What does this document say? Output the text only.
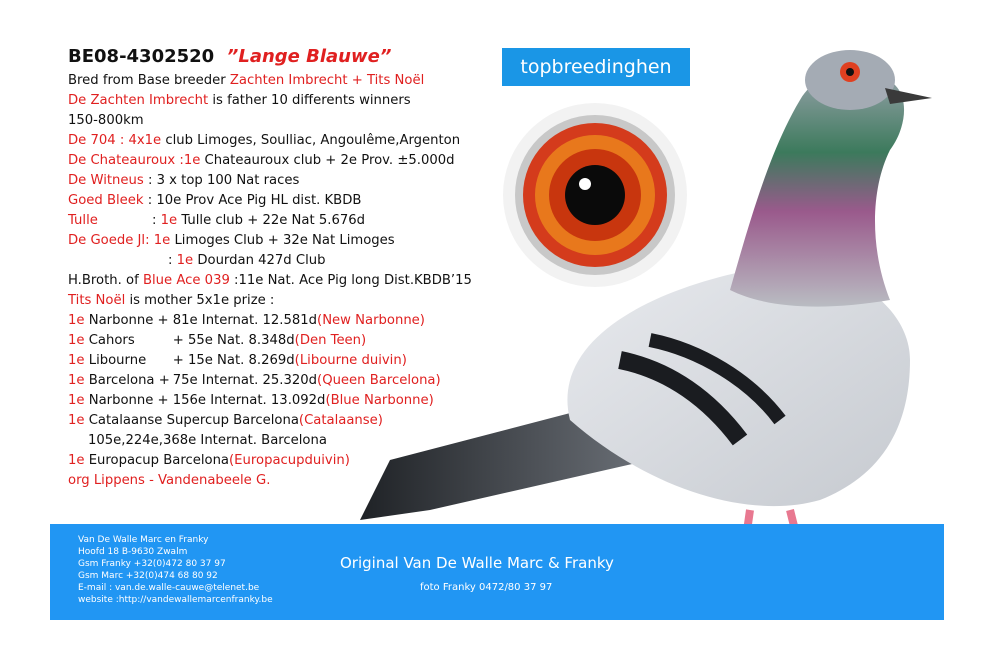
topbreedinghen
BE08-4302520 ”Lange Blauwe”
Bred from Base breeder Zachten Imbrecht + Tits Noël
De Zachten Imbrecht is father 10 differents winners
150-800km
De 704 : 4x1e club Limoges, Soulliac, Angoulême,Argenton
De Chateauroux :1e Chateauroux club + 2e Prov. ±5.000d
De Witneus : 3 x top 100 Nat races
Goed Bleek : 10e Prov Ace Pig HL dist. KBDB
Tulle	: 1e Tulle club + 22e Nat 5.676d
De Goede Jl: 1e Limoges Club + 32e Nat Limoges
: 1e Dourdan 427d Club
H.Broth. of Blue Ace 039 :11e Nat. Ace Pig long Dist.KBDB’15
Tits Noël is mother 5x1e prize :
1e Narbonne +81e Internat. 12.581d(New Narbonne)
1e Cahors	+ 55e Nat. 8.348d(Den Teen)
1e Libourne + 15e Nat. 8.269d(Libourne duivin)
1e Barcelona +75e Internat. 25.320d(Queen Barcelona)
1e Narbonne + 156e Internat. 13.092d(Blue Narbonne)
1e Catalaanse Supercup Barcelona(Catalaanse)
105e,224e,368e Internat. Barcelona
1e Europacup Barcelona(Europacupduivin)
org Lippens - Vandenabeele G.
Van De Walle Marc en Franky
Hoofd 18 B-9630 Zwalm
Gsm Franky +32(0)472 80 37 97
Gsm Marc +32(0)474 68 80 92
E-mail : van.de.walle-cauwe@telenet.be
website :http://vandewallemarcenfranky.be
Original Van De Walle Marc & Franky
foto Franky 0472/80 37 97
